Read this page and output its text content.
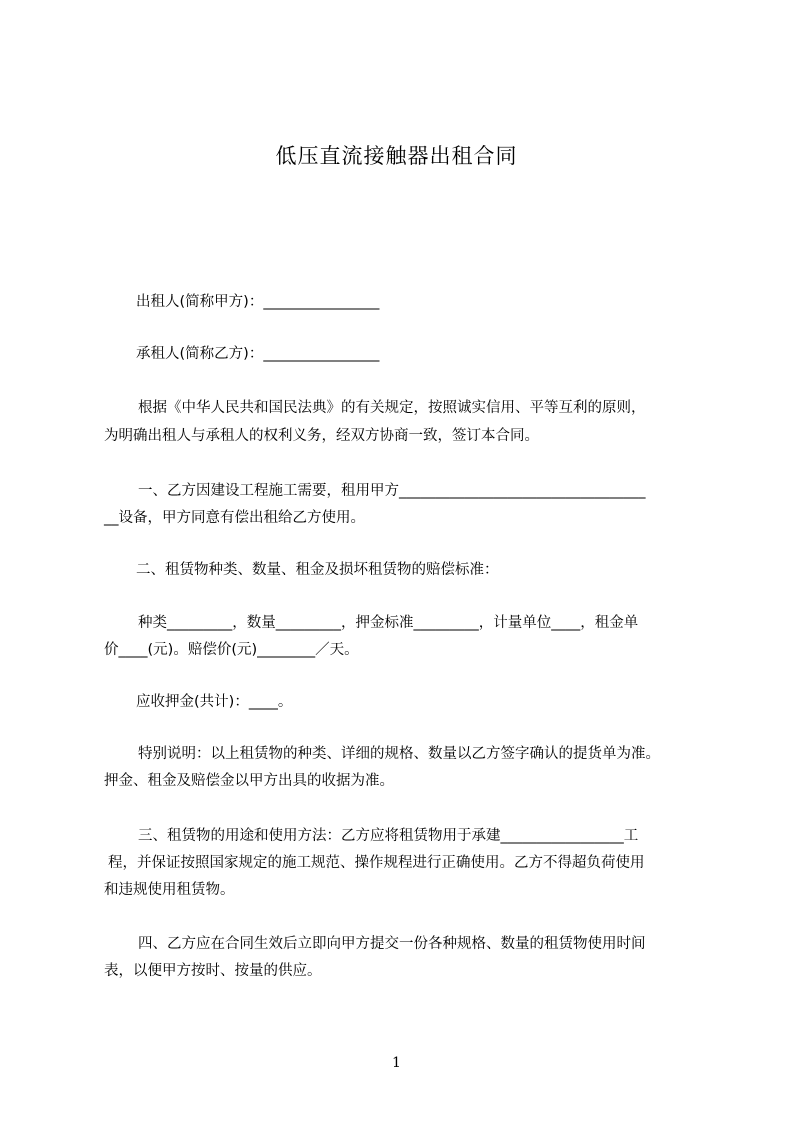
低压直流接触器出租合同
出租人(简称甲方)：________________
承租人(简称乙方)：________________
根据《中华人民共和国民法典》的有关规定，按照诚实信用、平等互利的原则，
为明确出租人与承租人的权利义务，经双方协商一致，签订本合同。
一、乙方因建设工程施工需要，租用甲方__________________________________
__设备，甲方同意有偿出租给乙方使用。
二、租赁物种类、数量、租金及损坏租赁物的赔偿标准：
种类_________，数量_________，押金标准_________，计量单位____，租金单
价____(元)。赔偿价(元)________／天。
应收押金(共计)：____。
特别说明：以上租赁物的种类、详细的规格、数量以乙方签字确认的提货单为准。
押金、租金及赔偿金以甲方出具的收据为准。
三、租赁物的用途和使用方法：乙方应将租赁物用于承建_________________工
程，并保证按照国家规定的施工规范、操作规程进行正确使用。乙方不得超负荷使用
和违规使用租赁物。
四、乙方应在合同生效后立即向甲方提交一份各种规格、数量的租赁物使用时间
表，以便甲方按时、按量的供应。
1
